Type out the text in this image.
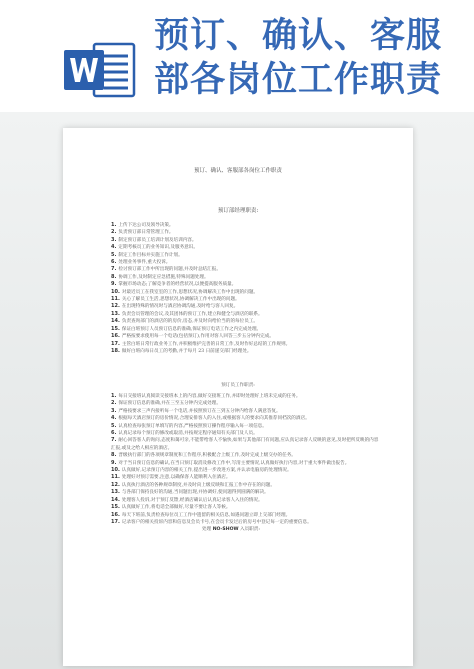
预订、确认、客服
部各岗位工作职责
预订、确认、客服部各岗位工作职责
预订部经理职责:
1. 上传下达公司及领导决策。
2. 负责预订部日常管理工作。
3. 制定预订部员工培训计划及培训内容。
4. 定期考核员工的业务知识,及服务意识。
5. 制定工作目标并实施工作计划。
6. 处理业务事件,重大投诉。
7. 检讨预订部工作中所出现的问题,并及时总结汇报。
8. 协调工作,及时制定应急措施,特殊问题处理。
9. 掌握市场动态;了解竞争者的经营状况,以便提高服务质量。
10. 对最近员工在我室室的工作,思想状况,协调解决工作中出现的问题。
11. 关心了解员工生活,思想状况,协调解决工作中出现的问题。
12. 在出现特殊的情况时与酒店协调沟通,及时给与客人回复。
13. 负责会员管理的会议,及其团体的预订工作,建立和健全与酒店的联系。
14. 负责查询部门的酒店的的房价,房态,并及时向给价当的的每位员工。
15. 保证白班预订人员预订信息的准确,保证预订电话工作之内完成处理。
16. 严格按要求使用每一个电话(包括预订),作用对客人回答三步五分钟内完成。
17. 主管白班日常行政业务工作,并积极维护完善的日常工作,及时作好总结的工作规则。
18. 做好白班向每日员工的考勤,并于每月 23 日前递交部门经理处。
预订员工作职责:
1. 每日交接班认真阅读交接班本上的内容,做好交接班工作,并即时处理好上班未完成的任务。
2. 保证预订信息的准确,并在三至五分钟内完成处理。
3. 严格按要求三声内接听每一个电话,并按照预订在三到五分钟内给客人满意答复。
4. 根据每天酒店预订的房价情况,合理安排客人的入住,或根据客人的要求向其推荐同档次的酒店。
5. 认真检查每张预订单填写的内容,严格按照预订操作程序输入每一项信息。
6. 认真记录每个预订的修改或取消,并按规定程序通知有关部门及人员。
7. 耐心回答客人的询问,态度和蔼可亲,不能带给客人不愉快,如果与其他部门有问题,应认真记录客人反映的意见,及时把所反映的内容汇报,或及之给人相应的酒店。
8. 晋级执行部门的各项规章制度和工作程序,积极配合上级工作,及时完成上级交办的任务。
9. 对于当日预订信息的确认,在当日预订取消及修改工作中,写清主要情况,认真做好执行内容,对于重大事件做出报告。
10. 认真做好,记录预订内容的相关工作,提出进一步改进方案,并认录电脑房的处理情况。
11. 处理好对预订需要,注意,以确保客人能顺利入住酒店。
12. 认真执行酒店的各种规章制度,并及时向上级反映和汇报工作中存在的问题。
13. 与各部门保持良好的沟通,当问题出现,并协调好,使问题得到圆满的解决。
14. 处理客人投诉,对于预订反馈,经酒店确认后认真记录客人入住的情况。
15. 认真做好工作,将电话全部做好,尽量不要让客人等候。
16. 每天下班前,负责检查每位员工工作中遗留的相关信息,如遇问题立即上交部门经理。
17. 记录客户的相关投诉内容和信息及会员卡号,在会员卡发过后的房号中登记每一定的重要信息。
处理 NO-SHOW 入员职责:
